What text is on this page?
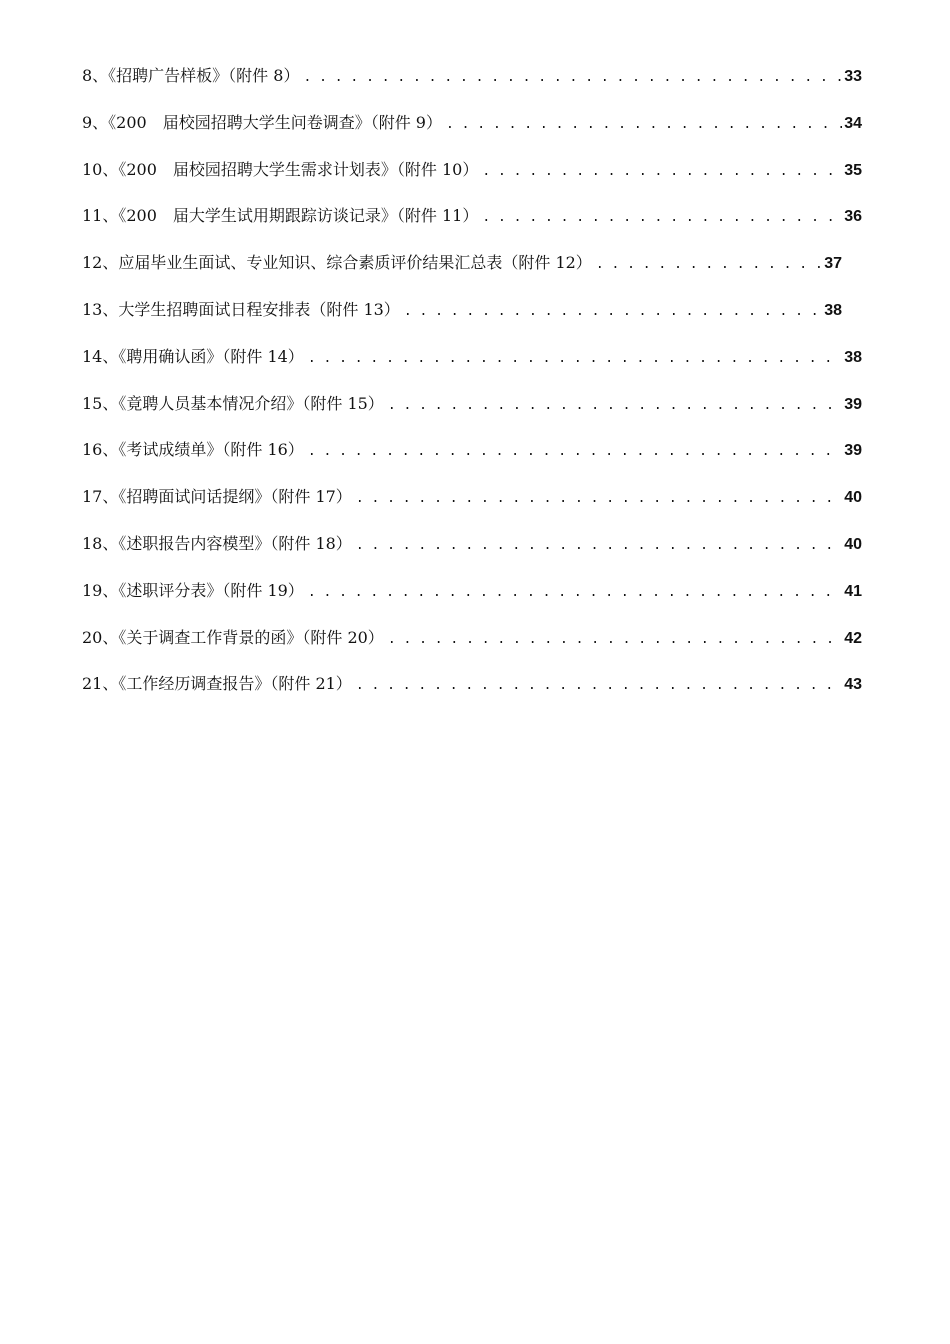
8、《招聘广告样板》（附件 8） . . .	33
9、《200　届校园招聘大学生问卷调查》（附件 9） . . .	34
10、《200　届校园招聘大学生需求计划表》（附件 10） . . .	35
11、《200　届大学生试用期跟踪访谈记录》（附件 11） . . .	36
12、应届毕业生面试、专业知识、综合素质评价结果汇总表（附件 12） . . .	37
13、大学生招聘面试日程安排表（附件 13） . . .	38
14、《聘用确认函》（附件 14） . . .	38
15、《竟聘人员基本情况介绍》（附件 15） . . .	39
16、《考试成绩单》（附件 16） . . .	39
17、《招聘面试问话提纲》（附件 17） . . .	40
18、《述职报告内容模型》（附件 18） . . .	40
19、《述职评分表》（附件 19） . . .	41
20、《关于调查工作背景的函》（附件 20） . . .	42
21、《工作经历调查报告》（附件 21） . . .	43
